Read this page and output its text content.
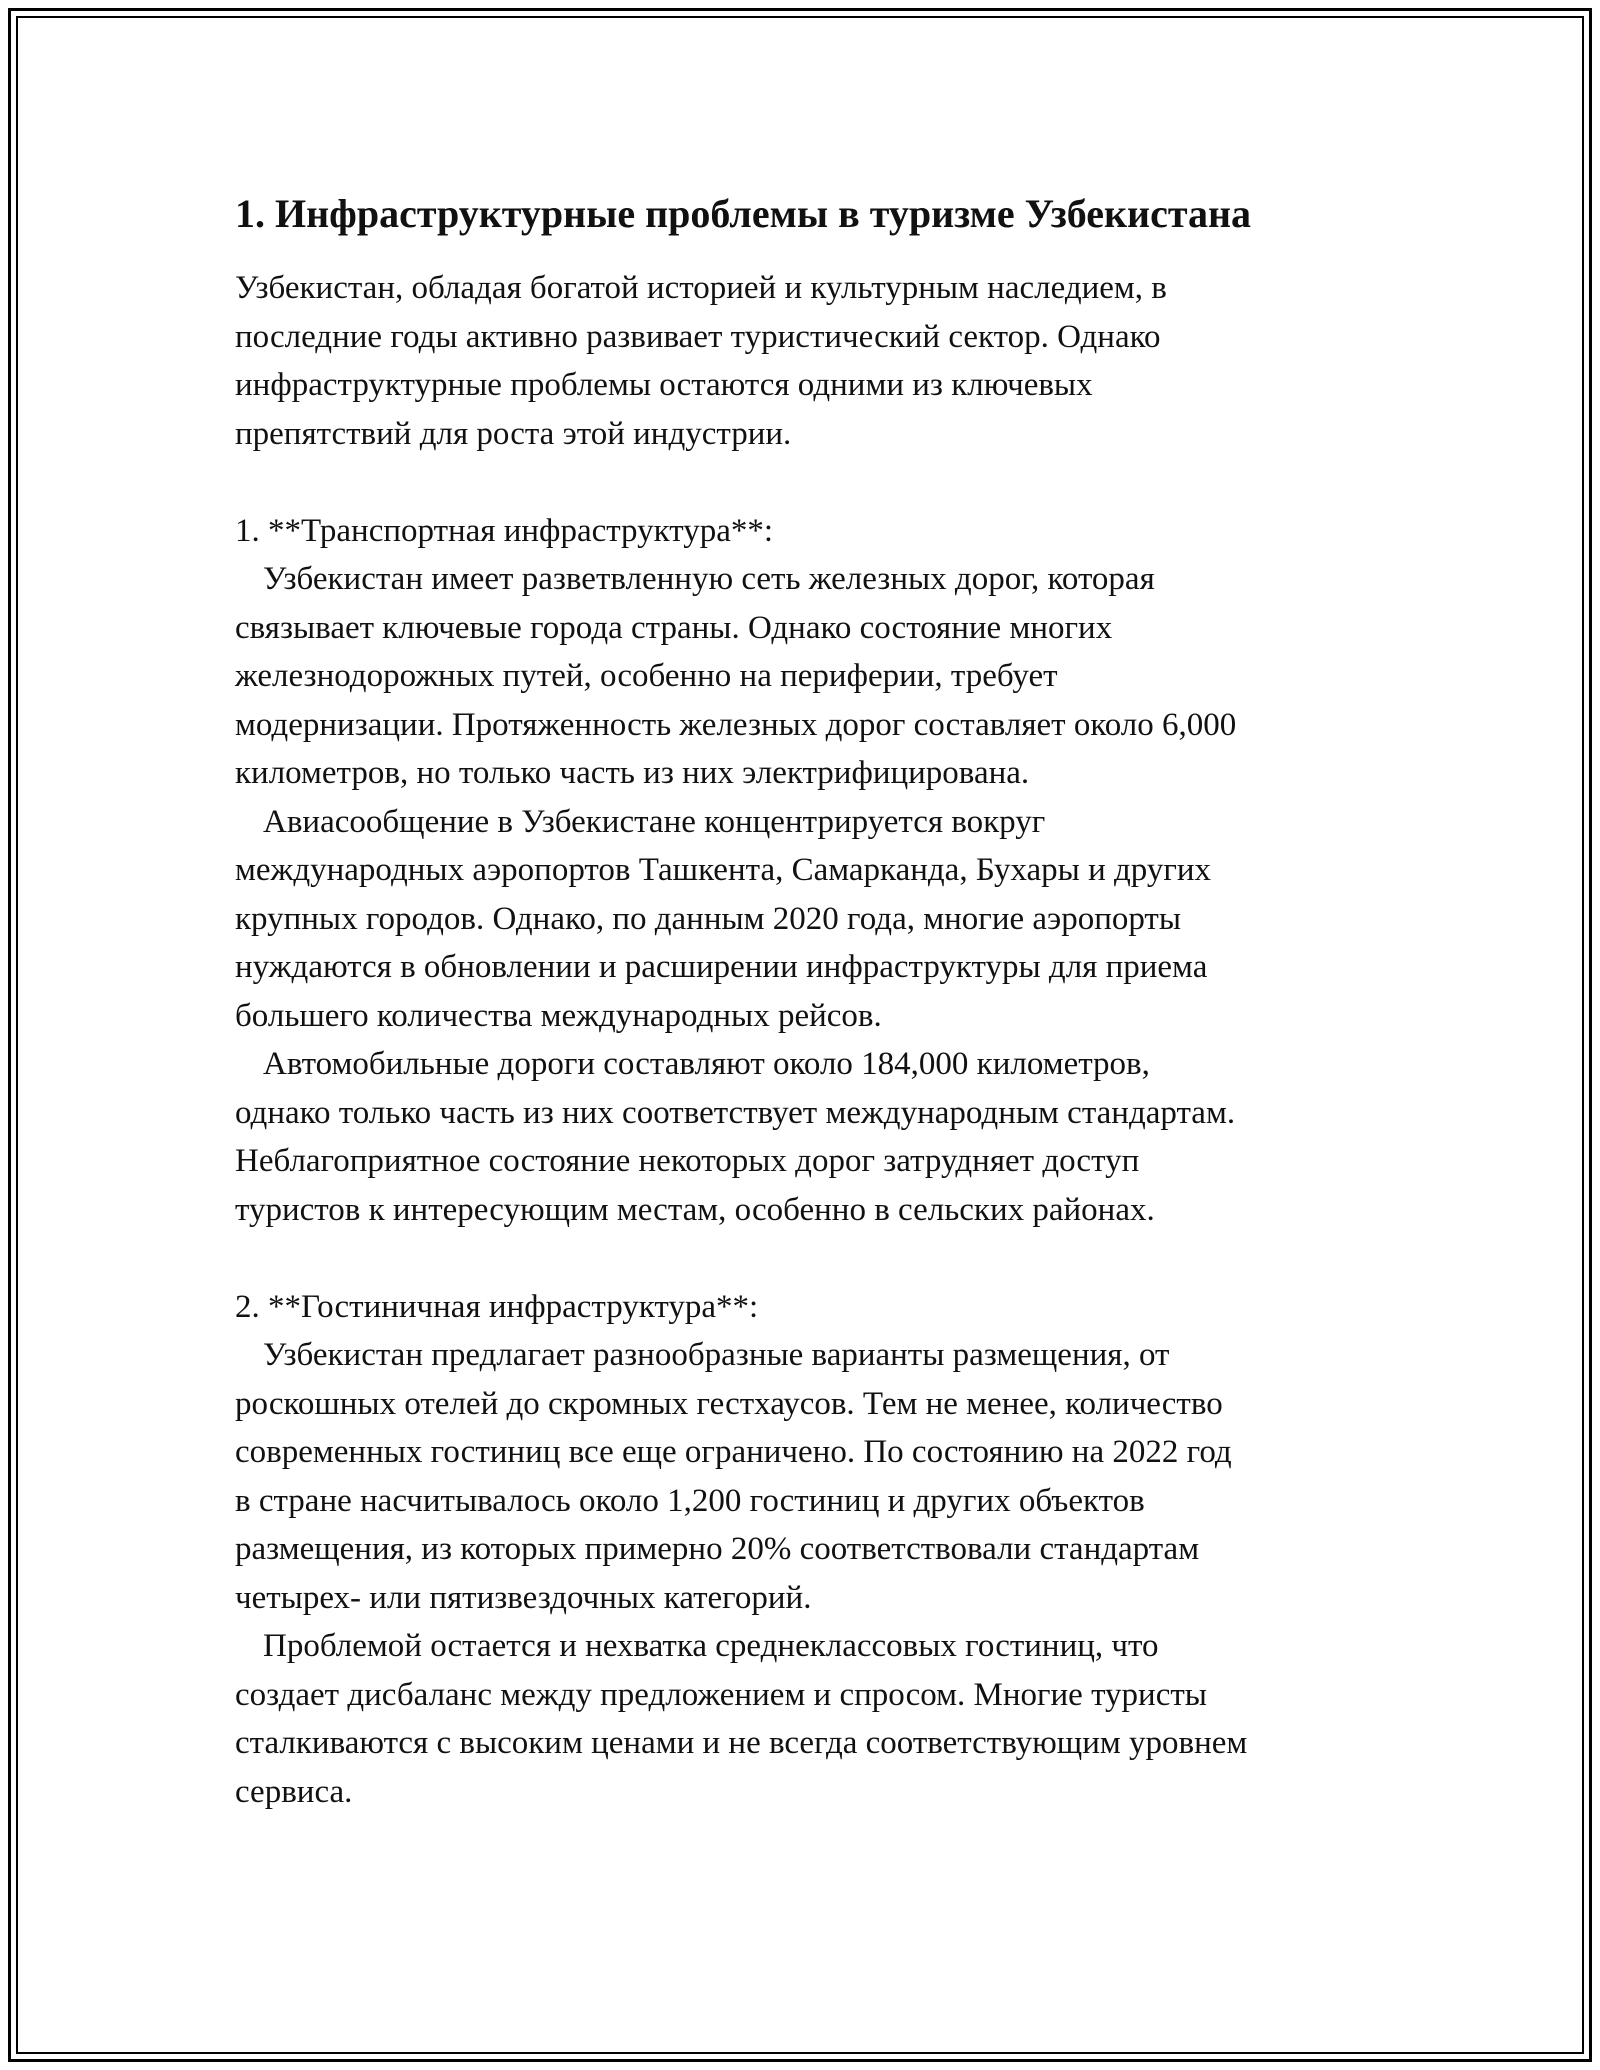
1. Инфраструктурные проблемы в туризме Узбекистана

Узбекистан, обладая богатой историей и культурным наследием, в
последние годы активно развивает туристический сектор. Однако
инфраструктурные проблемы остаются одними из ключевых
препятствий для роста этой индустрии.

1. **Транспортная инфраструктура**:

Узбекистан имеет разветвленную сеть железных дорог, которая
связывает ключевые города страны. Однако состояние многих
железнодорожных путей, особенно на периферии, требует
модернизации. Протяженность железных дорог составляет около 6,000
километров, но только часть из них электрифицирована.

Авиасообщение в Узбекистане концентрируется вокруг
международных аэропортов Ташкента, Самарканда, Бухары и других
крупных городов. Однако, по данным 2020 года, многие аэропорты
нуждаются в обновлении и расширении инфраструктуры для приема
большего количества международных рейсов.

Автомобильные дороги составляют около 184,000 километров,
однако только часть из них соответствует международным стандартам.
Неблагоприятное состояние некоторых дорог затрудняет доступ
туристов к интересующим местам, особенно в сельских районах.

2. **Гостиничная инфраструктура**:

Узбекистан предлагает разнообразные варианты размещения, от
роскошных отелей до скромных гестхаусов. Тем не менее, количество
современных гостиниц все еще ограничено. По состоянию на 2022 год
в стране насчитывалось около 1,200 гостиниц и других объектов
размещения, из которых примерно 20% соответствовали стандартам
четырех- или пятизвездочных категорий.

Проблемой остается и нехватка среднеклассовых гостиниц, что
создает дисбаланс между предложением и спросом. Многие туристы
сталкиваются с высоким ценами и не всегда соответствующим уровнем
сервиса.
